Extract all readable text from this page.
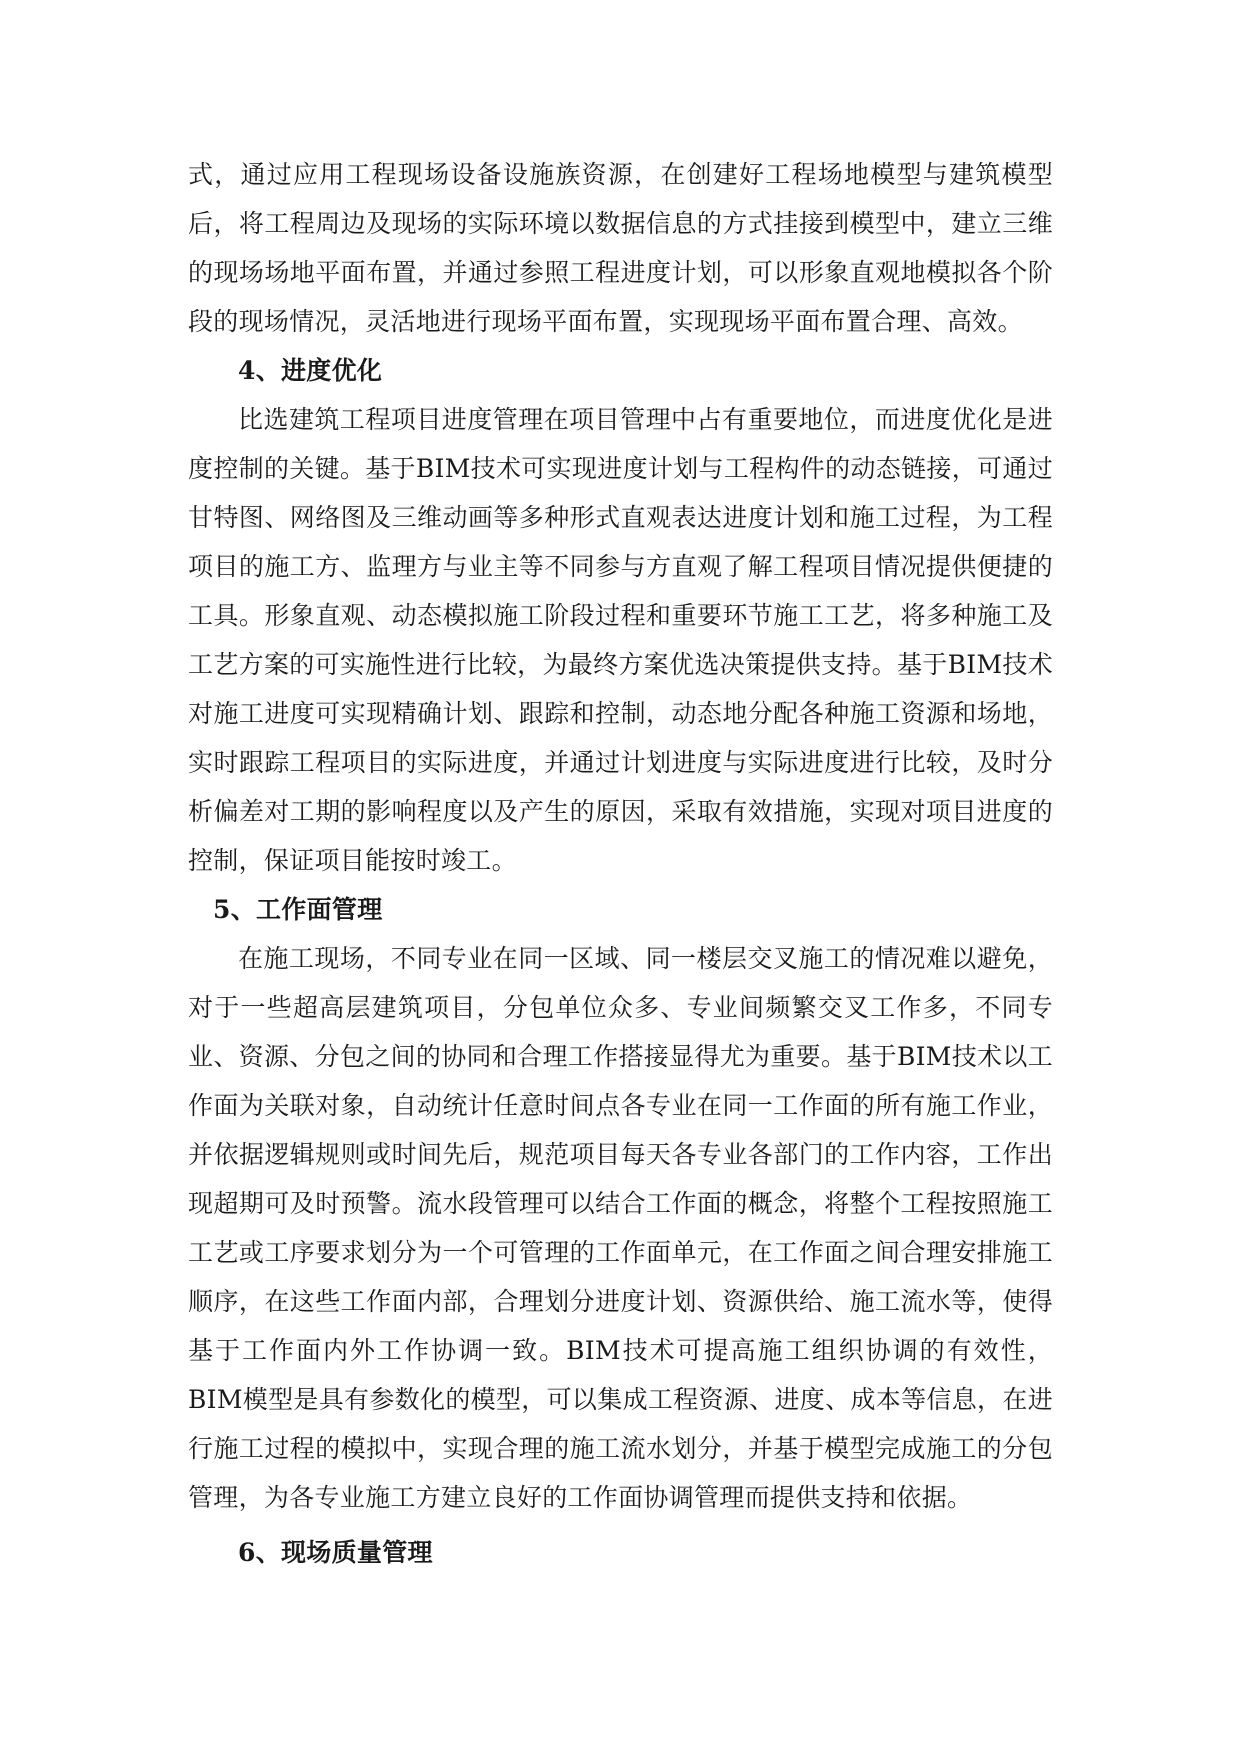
式，通过应用工程现场设备设施族资源，在创建好工程场地模型与建筑模型后，将工程周边及现场的实际环境以数据信息的方式挂接到模型中，建立三维的现场场地平面布置，并通过参照工程进度计划，可以形象直观地模拟各个阶段的现场情况，灵活地进行现场平面布置，实现现场平面布置合理、高效。

4、进度优化

比选建筑工程项目进度管理在项目管理中占有重要地位，而进度优化是进度控制的关键。基于BIM技术可实现进度计划与工程构件的动态链接，可通过甘特图、网络图及三维动画等多种形式直观表达进度计划和施工过程，为工程项目的施工方、监理方与业主等不同参与方直观了解工程项目情况提供便捷的工具。形象直观、动态模拟施工阶段过程和重要环节施工工艺，将多种施工及工艺方案的可实施性进行比较，为最终方案优选决策提供支持。基于BIM技术对施工进度可实现精确计划、跟踪和控制，动态地分配各种施工资源和场地，实时跟踪工程项目的实际进度，并通过计划进度与实际进度进行比较，及时分析偏差对工期的影响程度以及产生的原因，采取有效措施，实现对项目进度的控制，保证项目能按时竣工。

5、工作面管理

在施工现场，不同专业在同一区域、同一楼层交叉施工的情况难以避免，对于一些超高层建筑项目，分包单位众多、专业间频繁交叉工作多，不同专业、资源、分包之间的协同和合理工作搭接显得尤为重要。基于BIM技术以工作面为关联对象，自动统计任意时间点各专业在同一工作面的所有施工作业，并依据逻辑规则或时间先后，规范项目每天各专业各部门的工作内容，工作出现超期可及时预警。流水段管理可以结合工作面的概念，将整个工程按照施工工艺或工序要求划分为一个可管理的工作面单元，在工作面之间合理安排施工顺序，在这些工作面内部，合理划分进度计划、资源供给、施工流水等，使得基于工作面内外工作协调一致。BIM技术可提高施工组织协调的有效性，BIM模型是具有参数化的模型，可以集成工程资源、进度、成本等信息，在进行施工过程的模拟中，实现合理的施工流水划分，并基于模型完成施工的分包管理，为各专业施工方建立良好的工作面协调管理而提供支持和依据。

6、现场质量管理
